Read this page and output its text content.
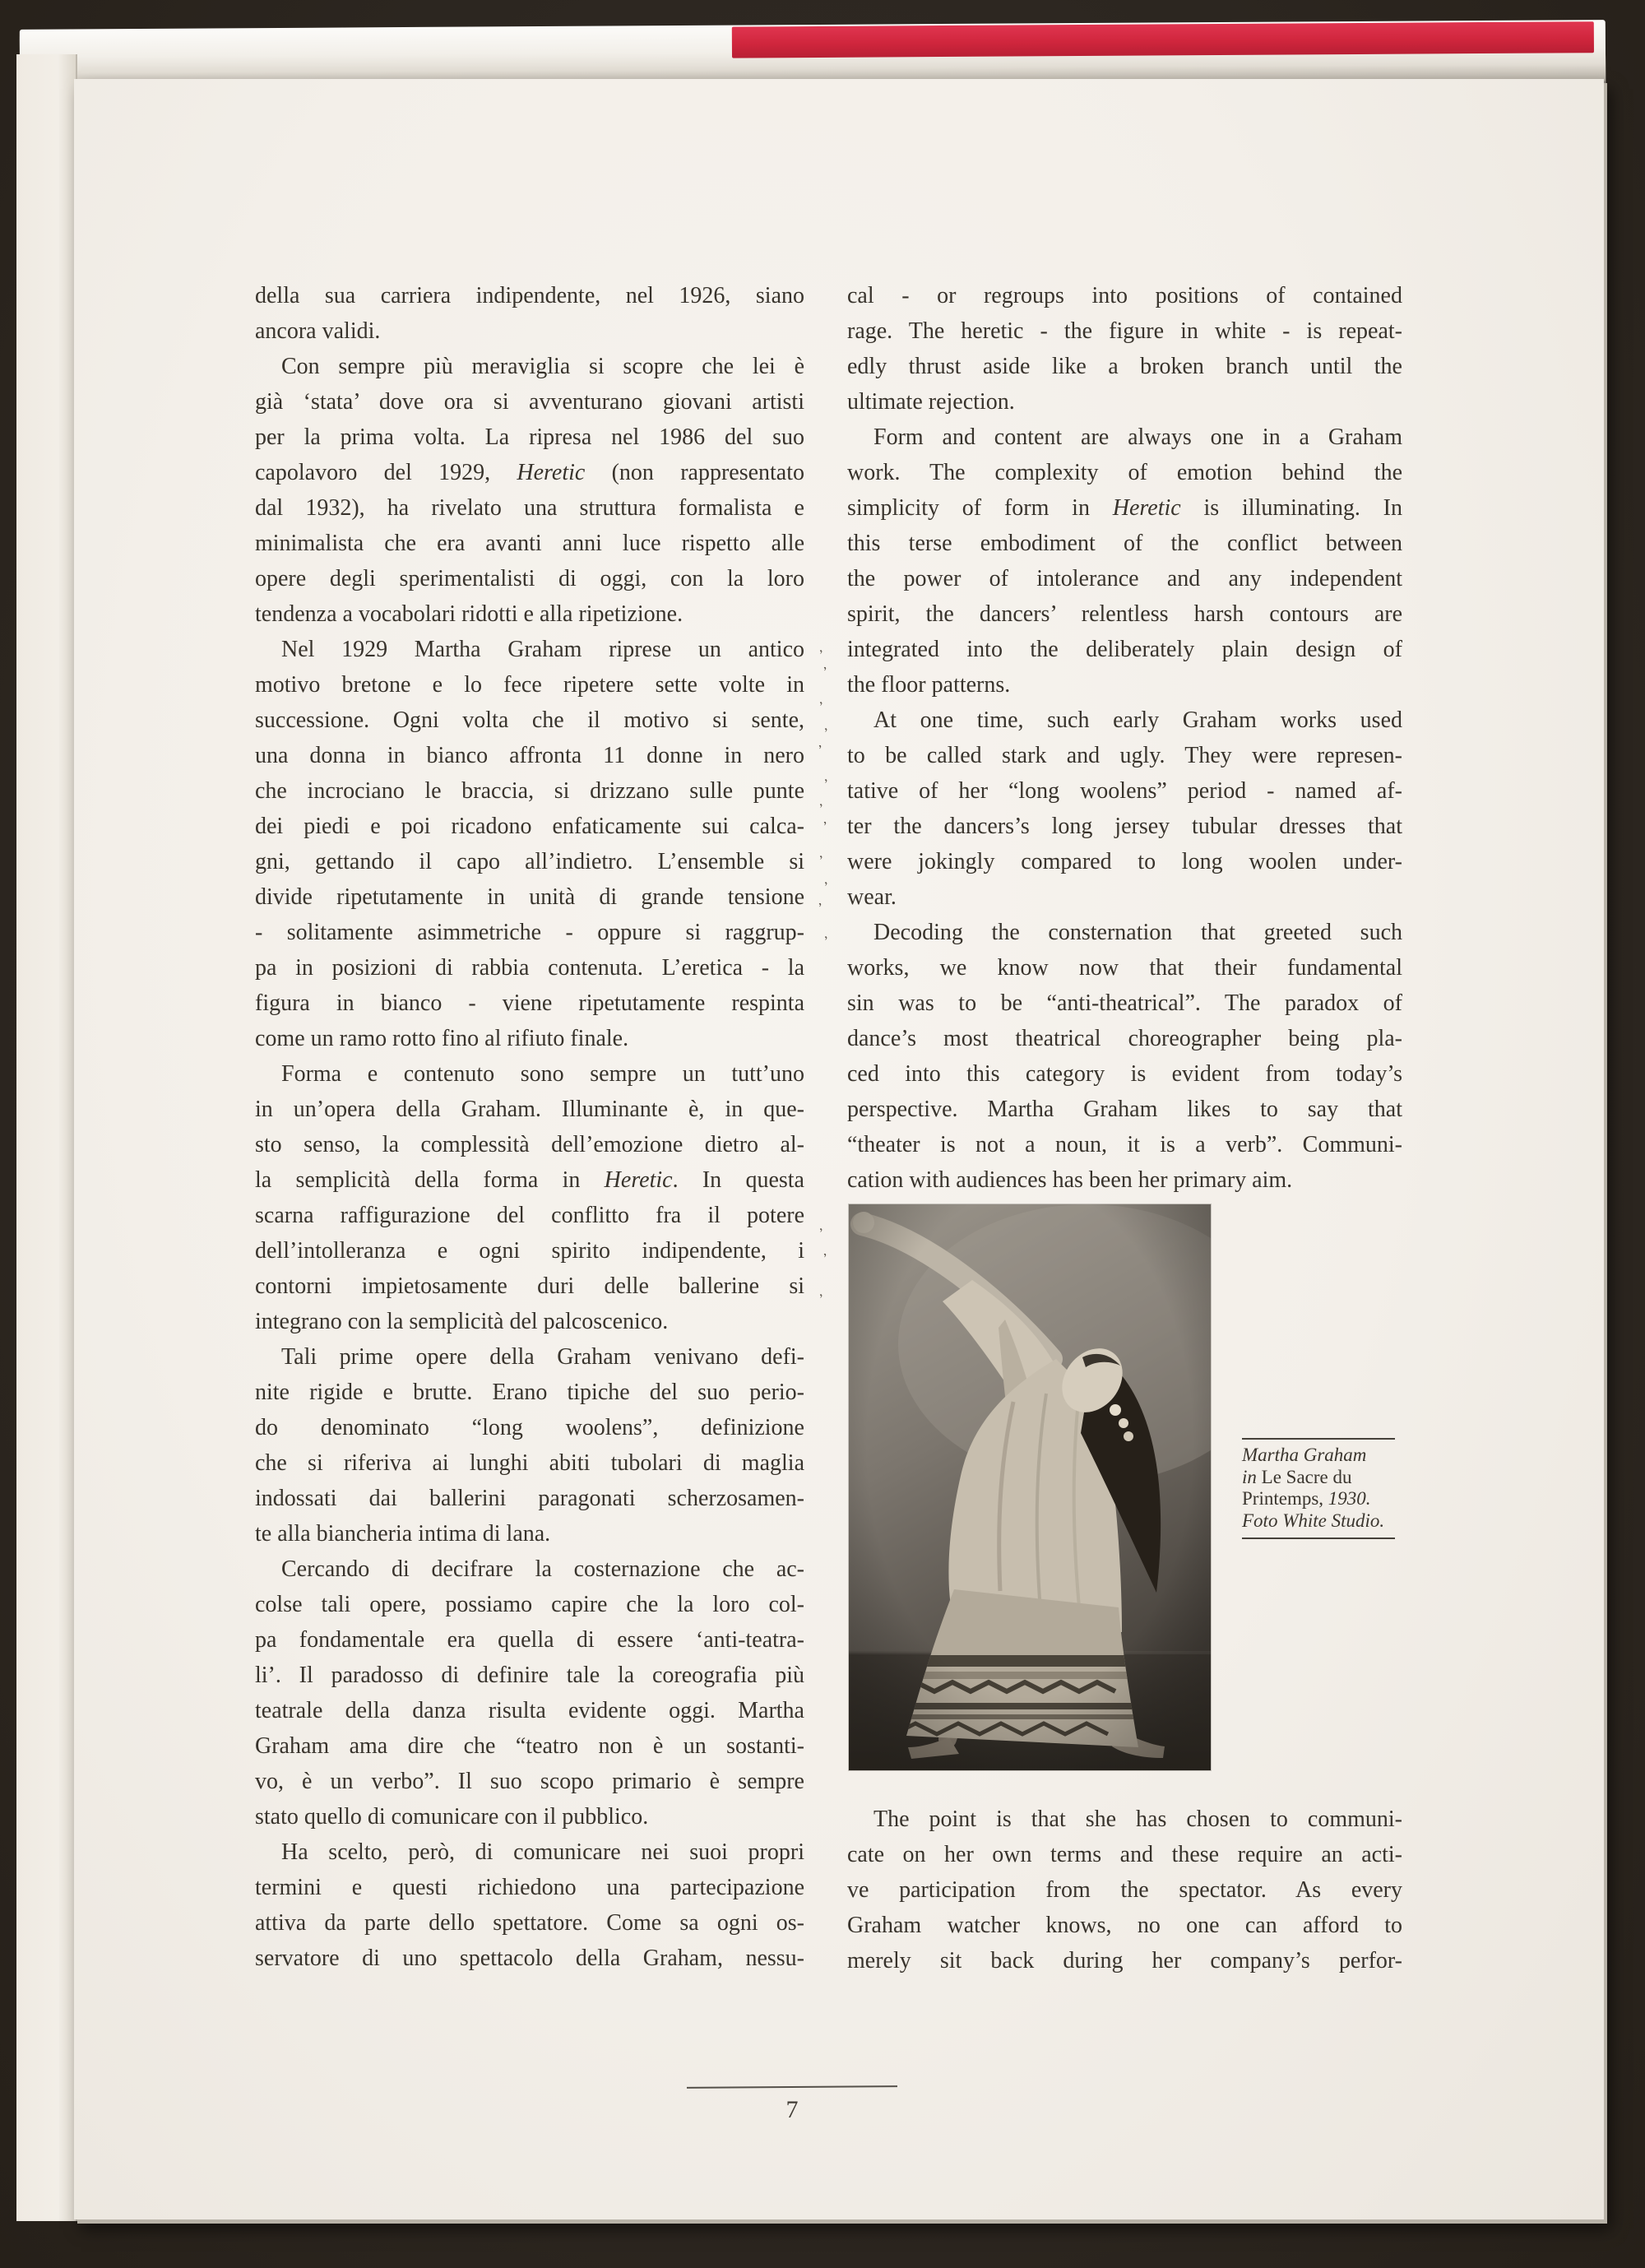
della sua carriera indipendente, nel 1926, siano
ancora validi.
Con sempre più meraviglia si scopre che lei è
già ‘stata’ dove ora si avventurano giovani artisti
per la prima volta. La ripresa nel 1986 del suo
capolavoro del 1929, Heretic (non rappresentato
dal 1932), ha rivelato una struttura formalista e
minimalista che era avanti anni luce rispetto alle
opere degli sperimentalisti di oggi, con la loro
tendenza a vocabolari ridotti e alla ripetizione.
Nel 1929 Martha Graham riprese un antico
motivo bretone e lo fece ripetere sette volte in
successione. Ogni volta che il motivo si sente,
una donna in bianco affronta 11 donne in nero
che incrociano le braccia, si drizzano sulle punte
dei piedi e poi ricadono enfaticamente sui calca-
gni, gettando il capo all’indietro. L’ensemble si
divide ripetutamente in unità di grande tensione
- solitamente asimmetriche - oppure si raggrup-
pa in posizioni di rabbia contenuta. L’eretica - la
figura in bianco - viene ripetutamente respinta
come un ramo rotto fino al rifiuto finale.
Forma e contenuto sono sempre un tutt’uno
in un’opera della Graham. Illuminante è, in que-
sto senso, la complessità dell’emozione dietro al-
la semplicità della forma in Heretic. In questa
scarna raffigurazione del conflitto fra il potere
dell’intolleranza e ogni spirito indipendente, i
contorni impietosamente duri delle ballerine si
integrano con la semplicità del palcoscenico.
Tali prime opere della Graham venivano defi-
nite rigide e brutte. Erano tipiche del suo perio-
do denominato “long woolens”, definizione
che si riferiva ai lunghi abiti tubolari di maglia
indossati dai ballerini paragonati scherzosamen-
te alla biancheria intima di lana.
Cercando di decifrare la costernazione che ac-
colse tali opere, possiamo capire che la loro col-
pa fondamentale era quella di essere ‘anti-teatra-
li’. Il paradosso di definire tale la coreografia più
teatrale della danza risulta evidente oggi. Martha
Graham ama dire che “teatro non è un sostanti-
vo, è un verbo”. Il suo scopo primario è sempre
stato quello di comunicare con il pubblico.
Ha scelto, però, di comunicare nei suoi propri
termini e questi richiedono una partecipazione
attiva da parte dello spettatore. Come sa ogni os-
servatore di uno spettacolo della Graham, nessu-
cal - or regroups into positions of contained
rage. The heretic - the figure in white - is repeat-
edly thrust aside like a broken branch until the
ultimate rejection.
Form and content are always one in a Graham
work. The complexity of emotion behind the
simplicity of form in Heretic is illuminating. In
this terse embodiment of the conflict between
the power of intolerance and any independent
spirit, the dancers’ relentless harsh contours are
integrated into the deliberately plain design of
the floor patterns.
At one time, such early Graham works used
to be called stark and ugly. They were represen-
tative of her “long woolens” period - named af-
ter the dancers’s long jersey tubular dresses that
were jokingly compared to long woolen under-
wear.
Decoding the consternation that greeted such
works, we know now that their fundamental
sin was to be “anti-theatrical”. The paradox of
dance’s most theatrical choreographer being pla-
ced into this category is evident from today’s
perspective. Martha Graham likes to say that
“theater is not a noun, it is a verb”. Communi-
cation with audiences has been her primary aim.
Martha Graham
in Le Sacre du
Printemps, 1930.
Foto White Studio.
The point is that she has chosen to communi-
cate on her own terms and these require an acti-
ve participation from the spectator. As every
Graham watcher knows, no one can afford to
merely sit back during her company’s perfor-
,
’
,
,
’
,
,
’
,
,
’
,
,
’
,
7
